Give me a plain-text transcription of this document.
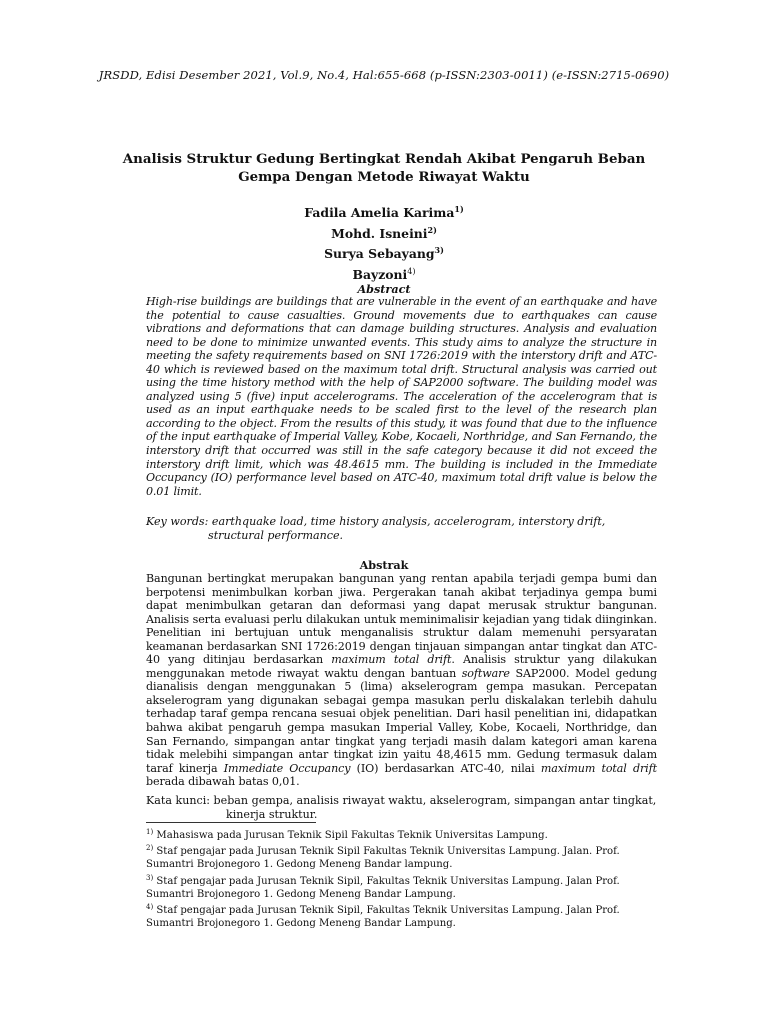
JRSDD, Edisi Desember 2021, Vol.9, No.4, Hal:655-668 (p-ISSN:2303-0011) (e-ISSN:2715-0690)
Analisis Struktur Gedung Bertingkat Rendah Akibat Pengaruh Beban
Gempa Dengan Metode Riwayat Waktu
Fadila Amelia Karima$^{1)}$
Mohd. Isneini$^{2)}$
Surya Sebayang$^{3)}$
Bayzoni$^{4)}$
Abstract
High-rise buildings are buildings that are vulnerable in the event of an earthquake and have the potential to cause casualties. Ground movements due to earthquakes can cause vibrations and deformations that can damage building structures. Analysis and evaluation need to be done to minimize unwanted events. This study aims to analyze the structure in meeting the safety requirements based on SNI 1726:2019 with the interstory drift and ATC-40 which is reviewed based on the maximum total drift. Structural analysis was carried out using the time history method with the help of SAP2000 software. The building model was analyzed using 5 (five) input accelerograms. The acceleration of the accelerogram that is used as an input earthquake needs to be scaled first to the level of the research plan according to the object. From the results of this study, it was found that due to the influence of the input earthquake of Imperial Valley, Kobe, Kocaeli, Northridge, and San Fernando, the interstory drift that occurred was still in the safe category because it did not exceed the interstory drift limit, which was 48.4615 mm. The building is included in the Immediate Occupancy (IO) performance level based on ATC-40, maximum total drift value is below the 0.01 limit.
Key words: earthquake load, time history analysis, accelerogram, interstory drift, structural performance.
Abstrak
Bangunan bertingkat merupakan bangunan yang rentan apabila terjadi gempa bumi dan berpotensi menimbulkan korban jiwa. Pergerakan tanah akibat terjadinya gempa bumi dapat menimbulkan getaran dan deformasi yang dapat merusak struktur bangunan. Analisis serta evaluasi perlu dilakukan untuk meminimalisir kejadian yang tidak diinginkan. Penelitian ini bertujuan untuk menganalisis struktur dalam memenuhi persyaratan keamanan berdasarkan SNI 1726:2019 dengan tinjauan simpangan antar tingkat dan ATC-40 yang ditinjau berdasarkan maximum total drift. Analisis struktur yang dilakukan menggunakan metode riwayat waktu dengan bantuan software SAP2000. Model gedung dianalisis dengan menggunakan 5 (lima) akselerogram gempa masukan. Percepatan akselerogram yang digunakan sebagai gempa masukan perlu diskalakan terlebih dahulu terhadap taraf gempa rencana sesuai objek penelitian. Dari hasil penelitian ini, didapatkan bahwa akibat pengaruh gempa masukan Imperial Valley, Kobe, Kocaeli, Northridge, dan San Fernando, simpangan antar tingkat yang terjadi masih dalam kategori aman karena tidak melebihi simpangan antar tingkat izin yaitu 48,4615 mm. Gedung termasuk dalam taraf kinerja Immediate Occupancy (IO) berdasarkan ATC-40, nilai maximum total drift berada dibawah batas 0,01.
Kata kunci: beban gempa, analisis riwayat waktu, akselerogram, simpangan antar tingkat, kinerja struktur.

$^{1)}$ Mahasiswa pada Jurusan Teknik Sipil Fakultas Teknik Universitas Lampung.

$^{2)}$ Staf pengajar pada Jurusan Teknik Sipil Fakultas Teknik Universitas Lampung. Jalan. Prof. Sumantri Brojonegoro 1. Gedong Meneng Bandar lampung.

$^{3)}$ Staf pengajar pada Jurusan Teknik Sipil, Fakultas Teknik Universitas Lampung. Jalan Prof. Sumantri Brojonegoro 1. Gedong Meneng Bandar Lampung.

$^{4)}$ Staf pengajar pada Jurusan Teknik Sipil, Fakultas Teknik Universitas Lampung. Jalan Prof. Sumantri Brojonegoro 1. Gedong Meneng Bandar Lampung.
